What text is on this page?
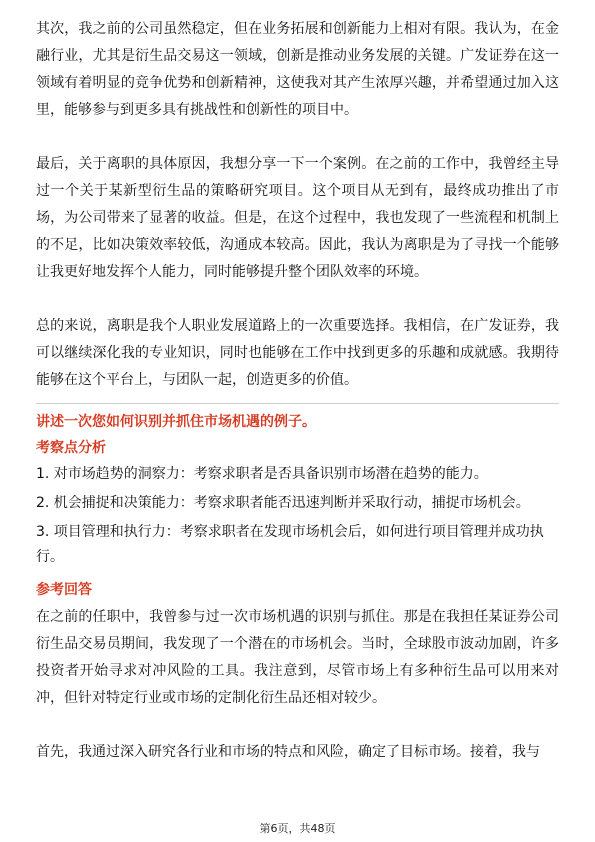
其次，我之前的公司虽然稳定，但在业务拓展和创新能力上相对有限。我认为，在金融行业，尤其是衍生品交易这一领域，创新是推动业务发展的关键。广发证券在这一领域有着明显的竞争优势和创新精神，这使我对其产生浓厚兴趣，并希望通过加入这里，能够参与到更多具有挑战性和创新性的项目中。

最后，关于离职的具体原因，我想分享一下一个案例。在之前的工作中，我曾经主导过一个关于某新型衍生品的策略研究项目。这个项目从无到有，最终成功推出了市场，为公司带来了显著的收益。但是，在这个过程中，我也发现了一些流程和机制上的不足，比如决策效率较低，沟通成本较高。因此，我认为离职是为了寻找一个能够让我更好地发挥个人能力，同时能够提升整个团队效率的环境。

总的来说，离职是我个人职业发展道路上的一次重要选择。我相信，在广发证券，我可以继续深化我的专业知识，同时也能够在工作中找到更多的乐趣和成就感。我期待能够在这个平台上，与团队一起，创造更多的价值。

讲述一次您如何识别并抓住市场机遇的例子。

考察点分析

1. 对市场趋势的洞察力：考察求职者是否具备识别市场潜在趋势的能力。

2. 机会捕捉和决策能力：考察求职者能否迅速判断并采取行动，捕捉市场机会。

3. 项目管理和执行力：考察求职者在发现市场机会后，如何进行项目管理并成功执行。

参考回答

在之前的任职中，我曾参与过一次市场机遇的识别与抓住。那是在我担任某证券公司衍生品交易员期间，我发现了一个潜在的市场机会。当时，全球股市波动加剧，许多投资者开始寻求对冲风险的工具。我注意到，尽管市场上有多种衍生品可以用来对冲，但针对特定行业或市场的定制化衍生品还相对较少。

首先，我通过深入研究各行业和市场的特点和风险，确定了目标市场。接着，我与

第6页，共48页
